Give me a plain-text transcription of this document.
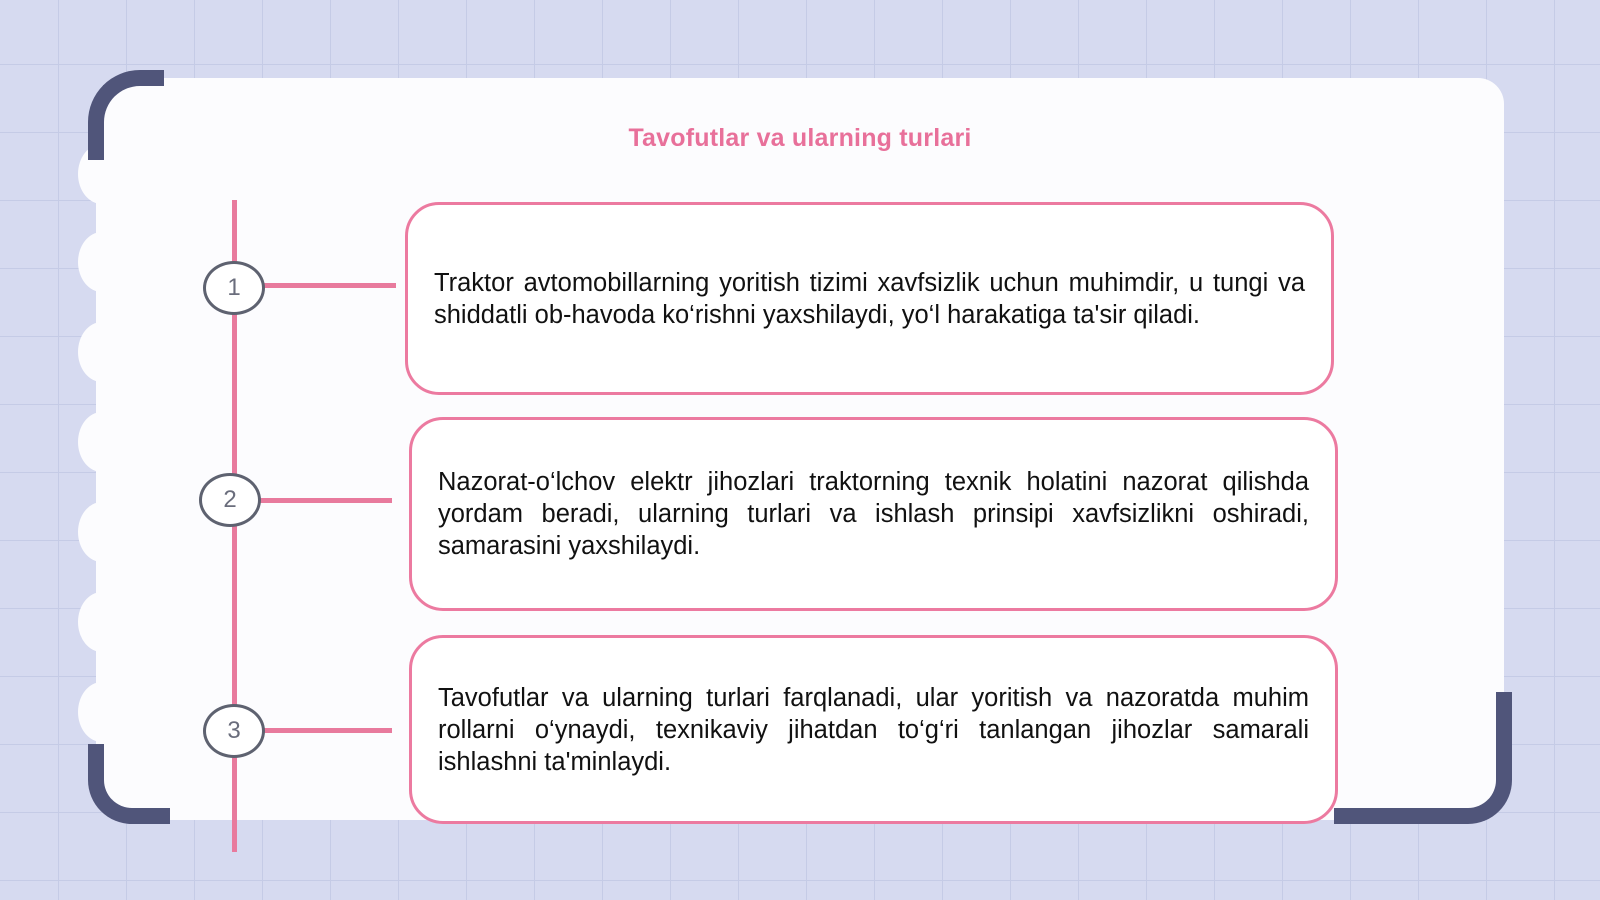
Tavofutlar va ularning turlari
1
2
3

Traktor avtomobillarning yoritish tizimi xavfsizlik uchun muhimdir, u tungi va shiddatli ob-havoda ko‘rishni yaxshilaydi, yo‘l harakatiga ta'sir qiladi.

Nazorat-o‘lchov elektr jihozlari traktorning texnik holatini nazorat qilishda yordam beradi, ularning turlari va ishlash prinsipi xavfsizlikni oshiradi, samarasini yaxshilaydi.

Tavofutlar va ularning turlari farqlanadi, ular yoritish va nazoratda muhim rollarni o‘ynaydi, texnikaviy jihatdan to‘g‘ri tanlangan jihozlar samarali ishlashni ta'minlaydi.
